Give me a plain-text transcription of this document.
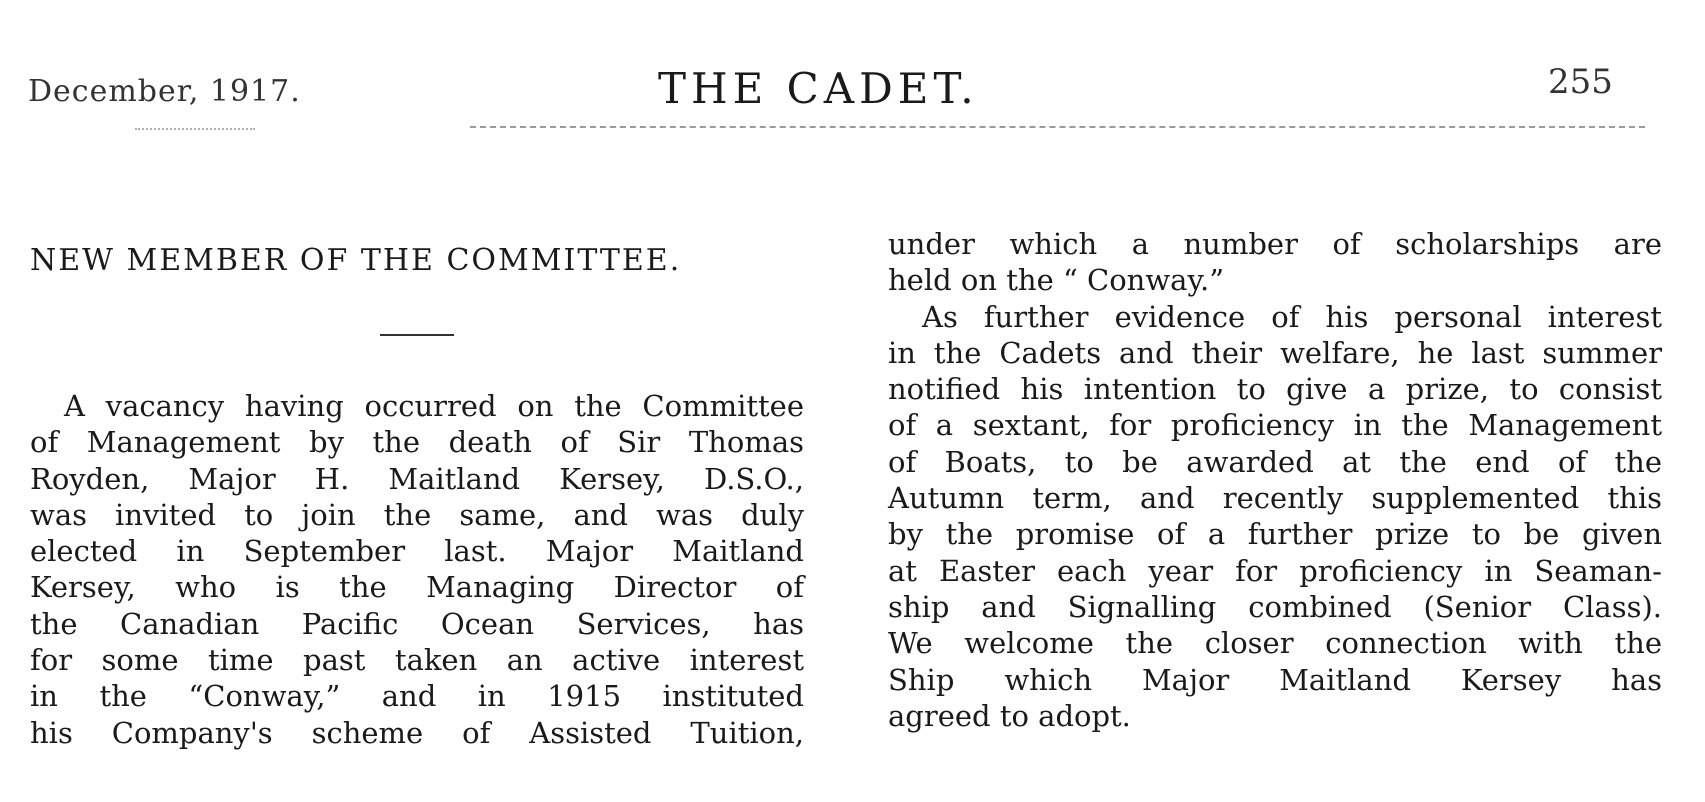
December, 1917.	THE CADET.	255
NEW MEMBER OF THE COMMITTEE.

A vacancy having occurred on the Committee
of Management by the death of Sir Thomas
Royden, Major H. Maitland Kersey, D.S.O.,
was invited to join the same, and was duly
elected in September last. Major Maitland
Kersey, who is the Managing Director of
the Canadian Pacific Ocean Services, has
for some time past taken an active interest
in the “Conway,” and in 1915 instituted
his Company's scheme of Assisted Tuition,

under which a number of scholarships are
held on the “ Conway.”

As further evidence of his personal interest
in the Cadets and their welfare, he last summer
notified his intention to give a prize, to consist
of a sextant, for proficiency in the Management
of Boats, to be awarded at the end of the
Autumn term, and recently supplemented this
by the promise of a further prize to be given
at Easter each year for proficiency in Seaman-
ship and Signalling combined (Senior Class).
We welcome the closer connection with the
Ship which Major Maitland Kersey has
agreed to adopt.
